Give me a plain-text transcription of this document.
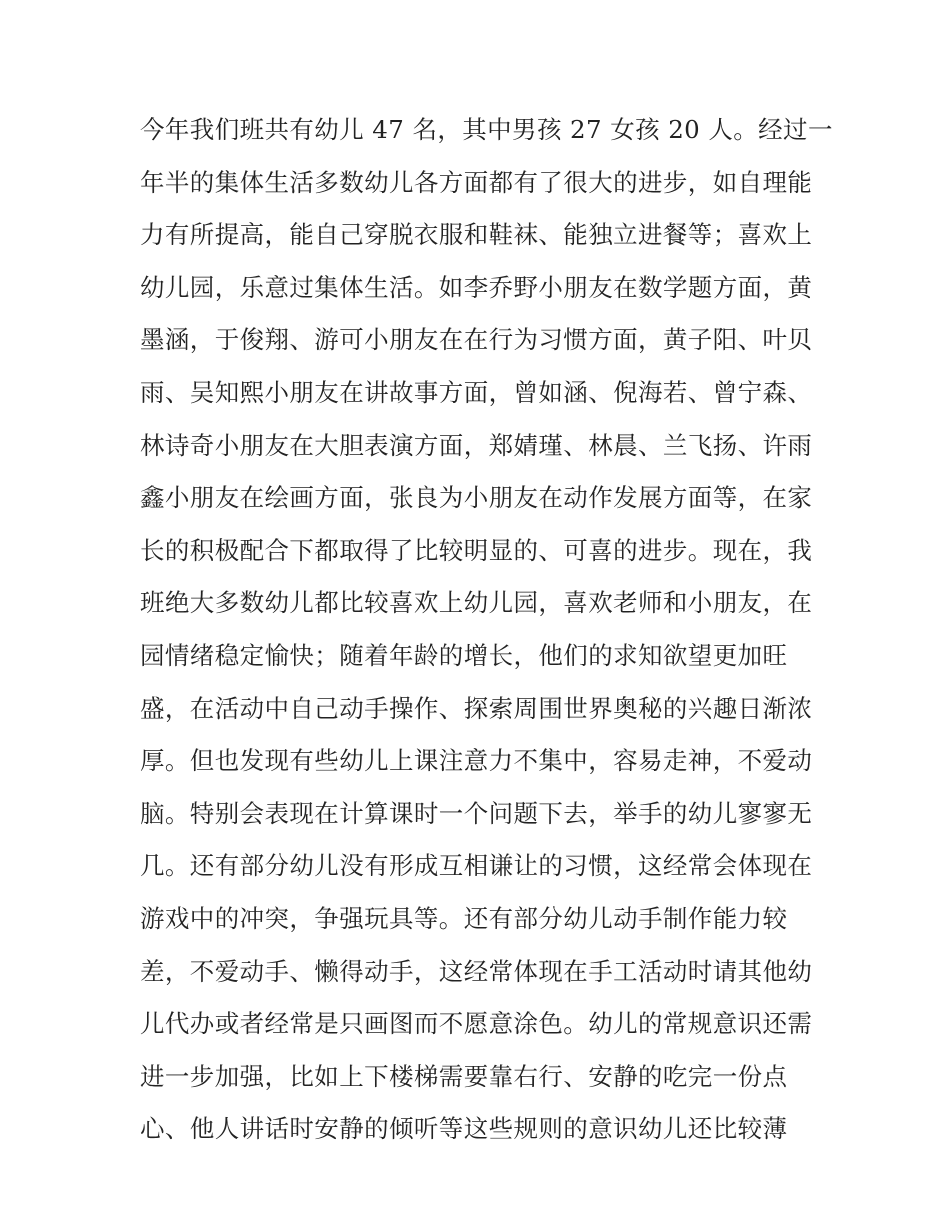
今年我们班共有幼儿 47 名，其中男孩 27 女孩 20 人。经过一
年半的集体生活多数幼儿各方面都有了很大的进步，如自理能
力有所提高，能自己穿脱衣服和鞋袜、能独立进餐等；喜欢上
幼儿园，乐意过集体生活。如李乔野小朋友在数学题方面，黄
墨涵，于俊翔、游可小朋友在在行为习惯方面，黄子阳、叶贝
雨、吴知熙小朋友在讲故事方面，曾如涵、倪海若、曾宁森、
林诗奇小朋友在大胆表演方面，郑婧瑾、林晨、兰飞扬、许雨
鑫小朋友在绘画方面，张良为小朋友在动作发展方面等，在家
长的积极配合下都取得了比较明显的、可喜的进步。现在，我
班绝大多数幼儿都比较喜欢上幼儿园，喜欢老师和小朋友，在
园情绪稳定愉快；随着年龄的增长，他们的求知欲望更加旺
盛，在活动中自己动手操作、探索周围世界奥秘的兴趣日渐浓
厚。但也发现有些幼儿上课注意力不集中，容易走神，不爱动
脑。特别会表现在计算课时一个问题下去，举手的幼儿寥寥无
几。还有部分幼儿没有形成互相谦让的习惯，这经常会体现在
游戏中的冲突，争强玩具等。还有部分幼儿动手制作能力较
差，不爱动手、懒得动手，这经常体现在手工活动时请其他幼
儿代办或者经常是只画图而不愿意涂色。幼儿的常规意识还需
进一步加强，比如上下楼梯需要靠右行、安静的吃完一份点
心、他人讲话时安静的倾听等这些规则的意识幼儿还比较薄
